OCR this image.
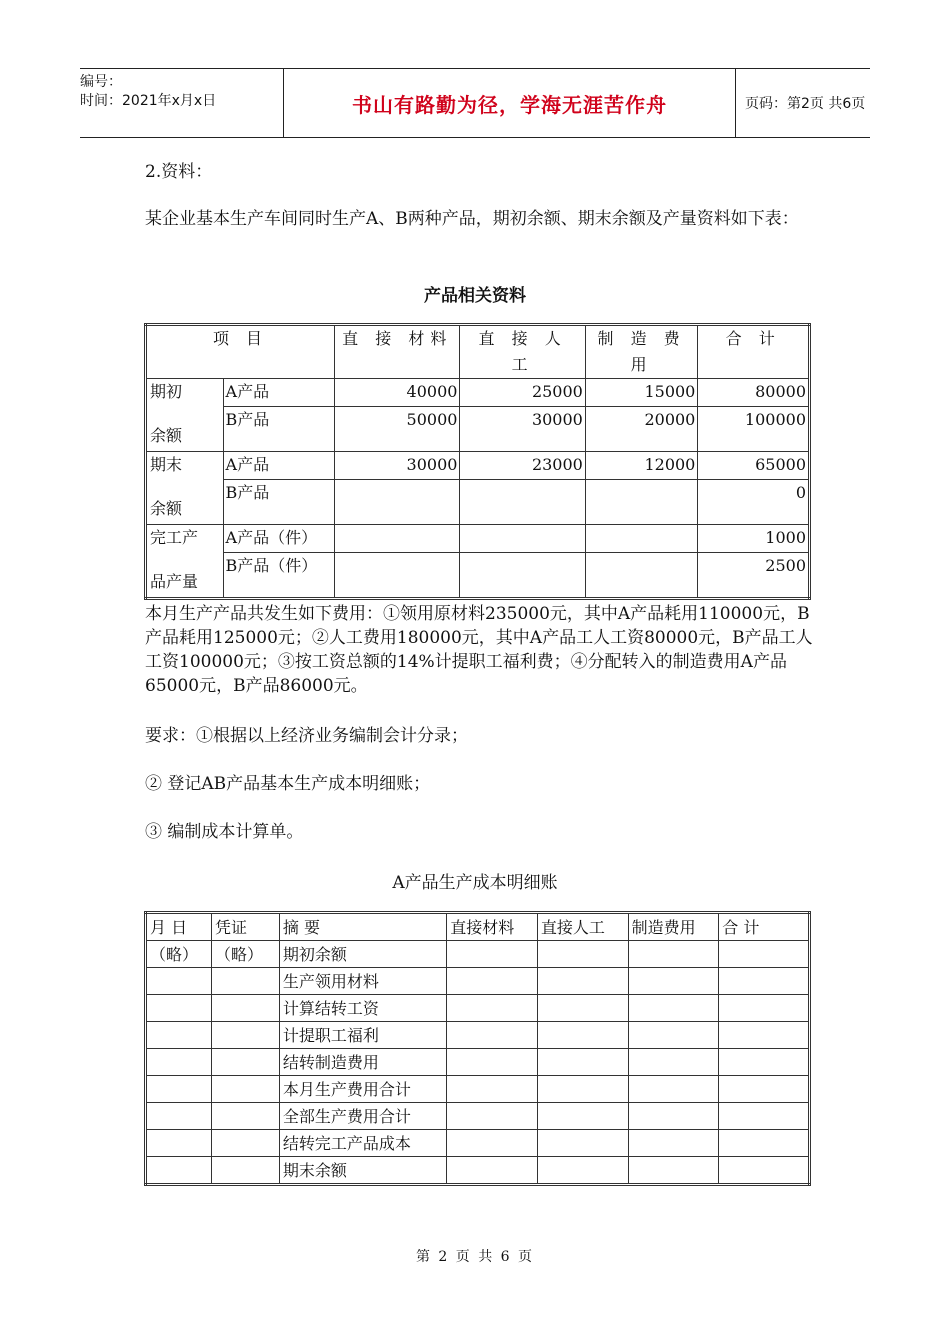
编号：
时间：2021年x月x日	书山有路勤为径，学海无涯苦作舟	页码：第2页 共6页

2.资料：

某企业基本生产车间同时生产A、B两种产品，期初余额、期末余额及产量资料如下表：

产品相关资料
项 目		直 接 材料	直 接 人 工	制 造 费 用	合 计

期初
余额	A产品	40000	25000	15000	80000
	B产品	50000	30000	20000	100000

期末
余额	A产品	30000	23000	12000	65000
	B产品				0

完工产
品产量	A产品（件）				1000
	B产品（件）				2500

本月生产产品共发生如下费用：①领用原材料235000元，其中A产品耗用110000元，B产品耗用125000元；②人工费用180000元，其中A产品工人工资80000元，B产品工人工资100000元；③按工资总额的14%计提职工福利费；④分配转入的制造费用A产品65000元，B产品86000元。

要求：①根据以上经济业务编制会计分录；

② 登记AB产品基本生产成本明细账；

③ 编制成本计算单。

A产品生产成本明细账
月 日	凭证	摘 要	直接材料	直接人工	制造费用	合 计
（略）	（略）	期初余额				
		生产领用材料				
		计算结转工资				
		计提职工福利				
		结转制造费用				
		本月生产费用合计				
		全部生产费用合计				
		结转完工产品成本				
		期末余额				
第 2 页 共 6 页
